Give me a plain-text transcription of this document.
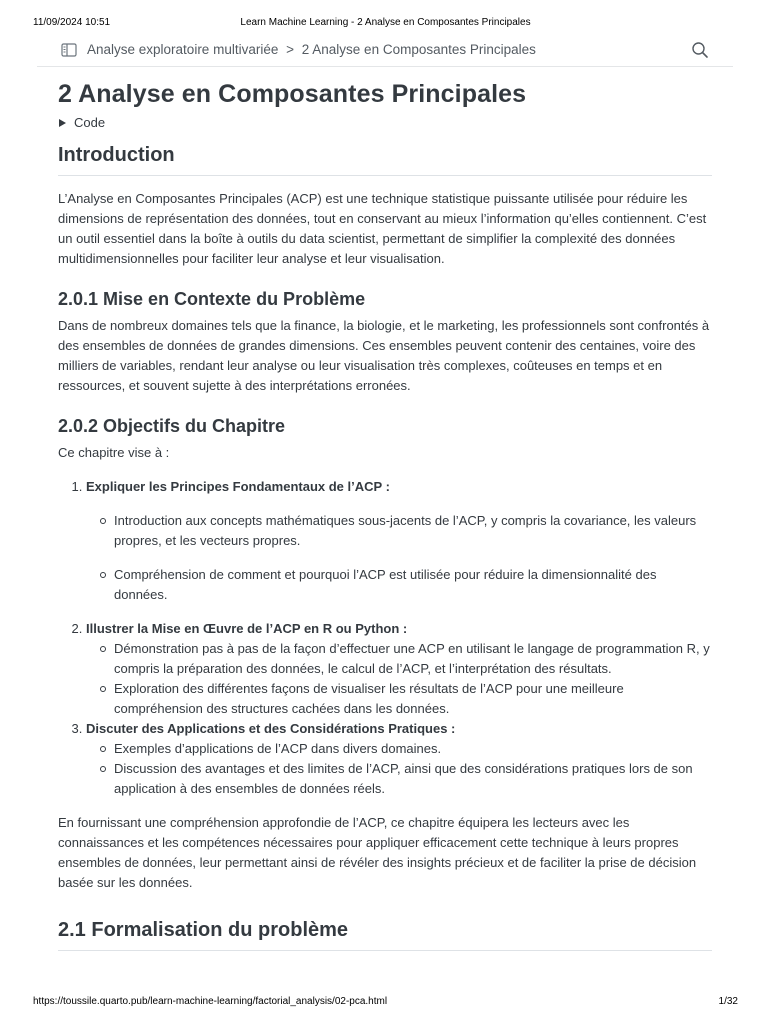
11/09/2024 10:51	Learn Machine Learning - 2 Analyse en Composantes Principales
Analyse exploratoire multivariée > 2 Analyse en Composantes Principales
2 Analyse en Composantes Principales
Code
Introduction

L’Analyse en Composantes Principales (ACP) est une technique statistique puissante utilisée pour réduire les dimensions de représentation des données, tout en conservant au mieux l’information qu’elles contiennent. C’est un outil essentiel dans la boîte à outils du data scientist, permettant de simplifier la complexité des données multidimensionnelles pour faciliter leur analyse et leur visualisation.

2.0.1 Mise en Contexte du Problème

Dans de nombreux domaines tels que la finance, la biologie, et le marketing, les professionnels sont confrontés à des ensembles de données de grandes dimensions. Ces ensembles peuvent contenir des centaines, voire des milliers de variables, rendant leur analyse ou leur visualisation très complexes, coûteuses en temps et en ressources, et souvent sujette à des interprétations erronées.

2.0.2 Objectifs du Chapitre

Ce chapitre vise à :

1. Expliquer les Principes Fondamentaux de l’ACP :
Introduction aux concepts mathématiques sous-jacents de l’ACP, y compris la covariance, les valeurs propres, et les vecteurs propres.
Compréhension de comment et pourquoi l’ACP est utilisée pour réduire la dimensionnalité des données.
2. Illustrer la Mise en Œuvre de l’ACP en R ou Python :
Démonstration pas à pas de la façon d’effectuer une ACP en utilisant le langage de programmation R, y compris la préparation des données, le calcul de l’ACP, et l’interprétation des résultats.
Exploration des différentes façons de visualiser les résultats de l’ACP pour une meilleure compréhension des structures cachées dans les données.
3. Discuter des Applications et des Considérations Pratiques :
Exemples d’applications de l’ACP dans divers domaines.
Discussion des avantages et des limites de l’ACP, ainsi que des considérations pratiques lors de son application à des ensembles de données réels.

En fournissant une compréhension approfondie de l’ACP, ce chapitre équipera les lecteurs avec les connaissances et les compétences nécessaires pour appliquer efficacement cette technique à leurs propres ensembles de données, leur permettant ainsi de révéler des insights précieux et de faciliter la prise de décision basée sur les données.

2.1 Formalisation du problème
https://toussile.quarto.pub/learn-machine-learning/factorial_analysis/02-pca.html	1/32
